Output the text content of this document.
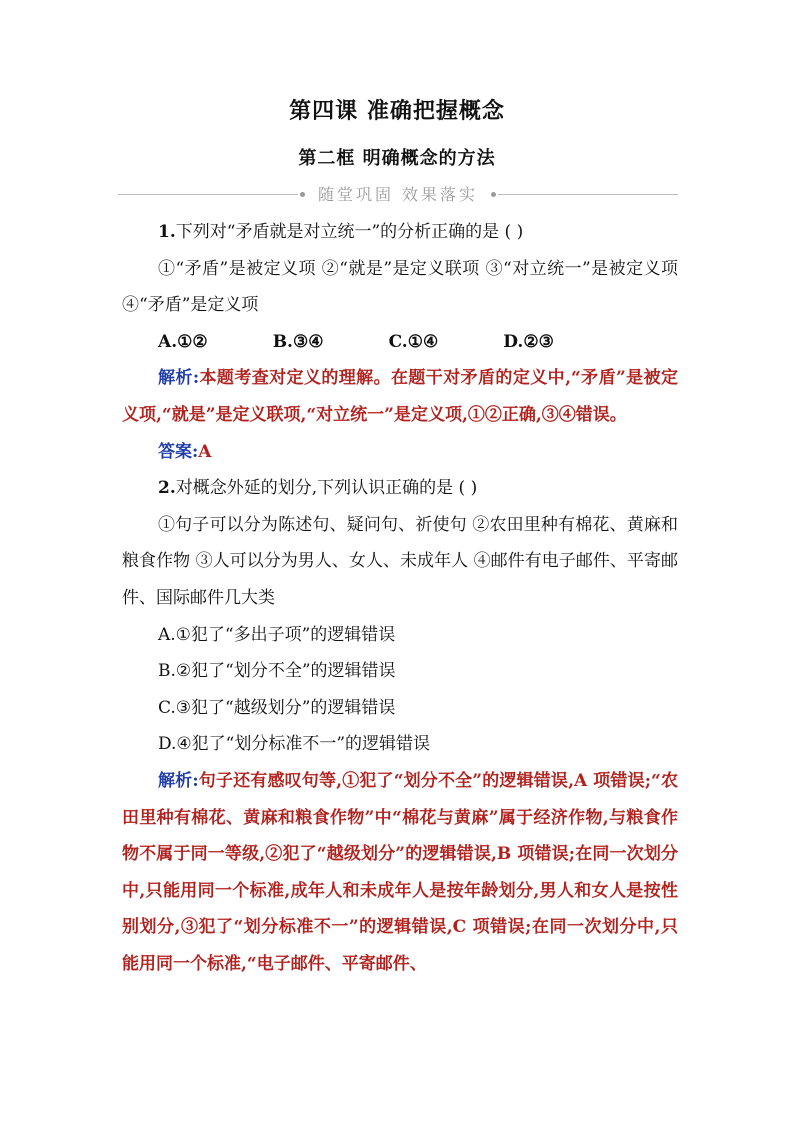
第四课 准确把握概念
第二框 明确概念的方法
随堂巩固 效果落实

1.下列对“矛盾就是对立统一”的分析正确的是 ( )

①“矛盾”是被定义项 ②“就是”是定义联项 ③“对立统一”是被定义项 ④“矛盾”是定义项

A.①②           B.③④           C.①④           D.②③

解析:本题考查对定义的理解。在题干对矛盾的定义中,“矛盾”是被定义项,“就是”是定义联项,“对立统一”是定义项,①②正确,③④错误。

答案:A

2.对概念外延的划分,下列认识正确的是 ( )

①句子可以分为陈述句、疑问句、祈使句 ②农田里种有棉花、黄麻和粮食作物 ③人可以分为男人、女人、未成年人 ④邮件有电子邮件、平寄邮件、国际邮件几大类

A.①犯了“多出子项”的逻辑错误

B.②犯了“划分不全”的逻辑错误

C.③犯了“越级划分”的逻辑错误

D.④犯了“划分标准不一”的逻辑错误

解析:句子还有感叹句等,①犯了“划分不全”的逻辑错误,A 项错误;“农田里种有棉花、黄麻和粮食作物”中“棉花与黄麻”属于经济作物,与粮食作物不属于同一等级,②犯了“越级划分”的逻辑错误,B 项错误;在同一次划分中,只能用同一个标准,成年人和未成年人是按年龄划分,男人和女人是按性别划分,③犯了“划分标准不一”的逻辑错误,C 项错误;在同一次划分中,只能用同一个标准,“电子邮件、平寄邮件、
